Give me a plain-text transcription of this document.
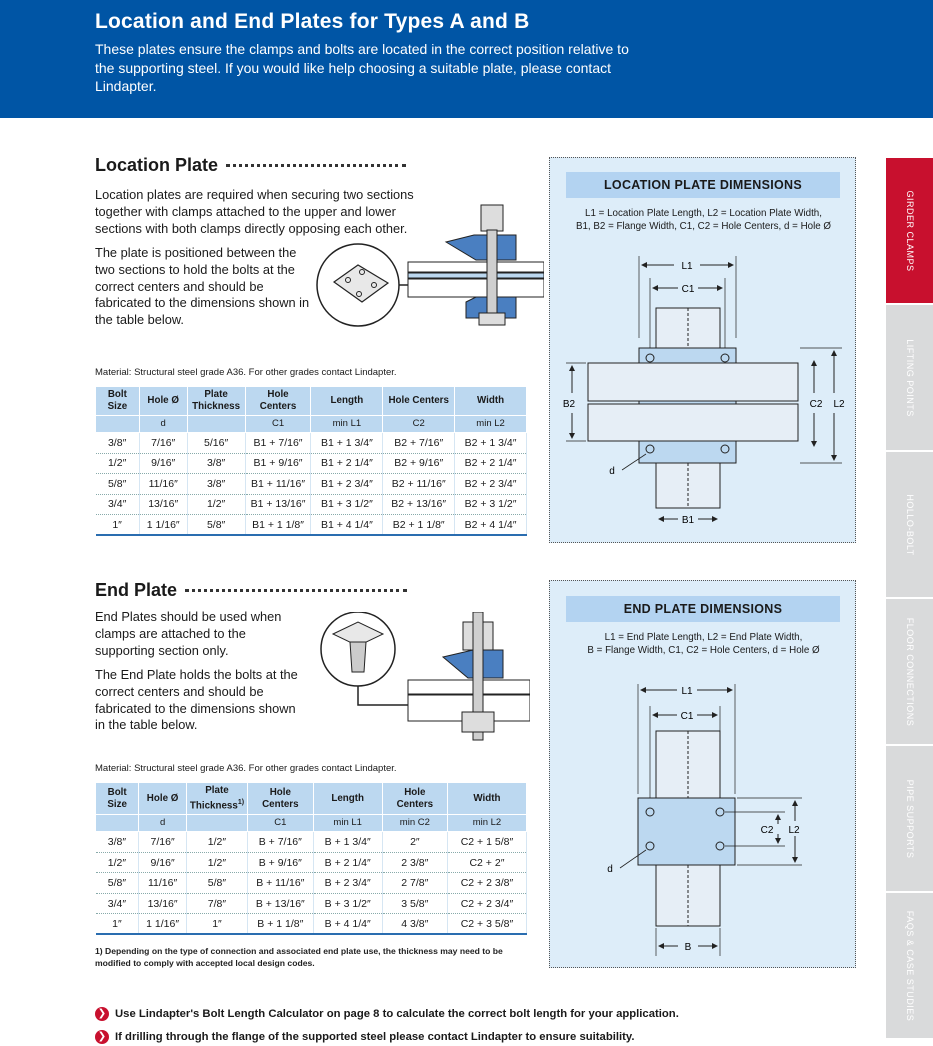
Location and End Plates for Types A and B

These plates ensure the clamps and bolts are located in the correct position relative to the supporting steel. If you would like help choosing a suitable plate, please contact Lindapter.

Location Plate
Location plates are required when securing two sections together with clamps attached to the upper and lower sections with both clamps directly opposing each other.
The plate is positioned between the two sections to hold the bolts at the correct centers and should be fabricated to the dimensions shown in the table below.
Material: Structural steel grade A36. For other grades contact Lindapter.
Bolt Size	Hole Ø	Plate Thickness	Hole Centers	Length	Hole Centers	Width
	d		C1	min L1	C2	min L2
3/8″	7/16″	5/16″	B1 + 7/16″	B1 + 1 3/4″	B2 + 7/16″	B2 + 1 3/4″
1/2″	9/16″	3/8″	B1 + 9/16″	B1 + 2 1/4″	B2 + 9/16″	B2 + 2 1/4″
5/8″	11/16″	3/8″	B1 + 11/16″	B1 + 2 3/4″	B2 + 11/16″	B2 + 2 3/4″
3/4″	13/16″	1/2″	B1 + 13/16″	B1 + 3 1/2″	B2 + 13/16″	B2 + 3 1/2″
1″	1 1/16″	5/8″	B1 + 1 1/8″	B1 + 4 1/4″	B2 + 1 1/8″	B2 + 4 1/4″
LOCATION PLATE DIMENSIONS
L1 = Location Plate Length, L2 = Location Plate Width,
B1, B2 = Flange Width, C1, C2 = Hole Centers, d = Hole Ø
L1
C1
B2	C2 L2
d
B1
End Plate
End Plates should be used when clamps are attached to the supporting section only.
The End Plate holds the bolts at the correct centers and should be fabricated to the dimensions shown in the table below.
Material: Structural steel grade A36. For other grades contact Lindapter.
Bolt Size	Hole Ø	Plate Thickness$^{1)}$	Hole Centers	Length	Hole Centers	Width
	d		C1	min L1	min C2	min L2
3/8″	7/16″	1/2″	B + 7/16″	B + 1 3/4″	2″	C2 + 1 5/8″
1/2″	9/16″	1/2″	B + 9/16″	B + 2 1/4″	2 3/8″	C2 + 2″
5/8″	11/16″	5/8″	B + 11/16″	B + 2 3/4″	2 7/8″	C2 + 2 3/8″
3/4″	13/16″	7/8″	B + 13/16″	B + 3 1/2″	3 5/8″	C2 + 2 3/4″
1″	1 1/16″	1″	B + 1 1/8″	B + 4 1/4″	4 3/8″	C2 + 3 5/8″
1) Depending on the type of connection and associated end plate use, the thickness may need to be modified to comply with accepted local design codes.
END PLATE DIMENSIONS
L1 = End Plate Length, L2 = End Plate Width,
B = Flange Width, C1, C2 = Hole Centers, d = Hole Ø
L1
C1
C2 L2
d
B
❯ Use Lindapter's Bolt Length Calculator on page 8 to calculate the correct bolt length for your application.
❯ If drilling through the flange of the supported steel please contact Lindapter to ensure suitability.
GIRDER CLAMPS
LIFTING POINTS
HOLLO-BOLT
FLOOR CONNECTIONS
PIPE SUPPORTS
FAQS & CASE STUDIES
